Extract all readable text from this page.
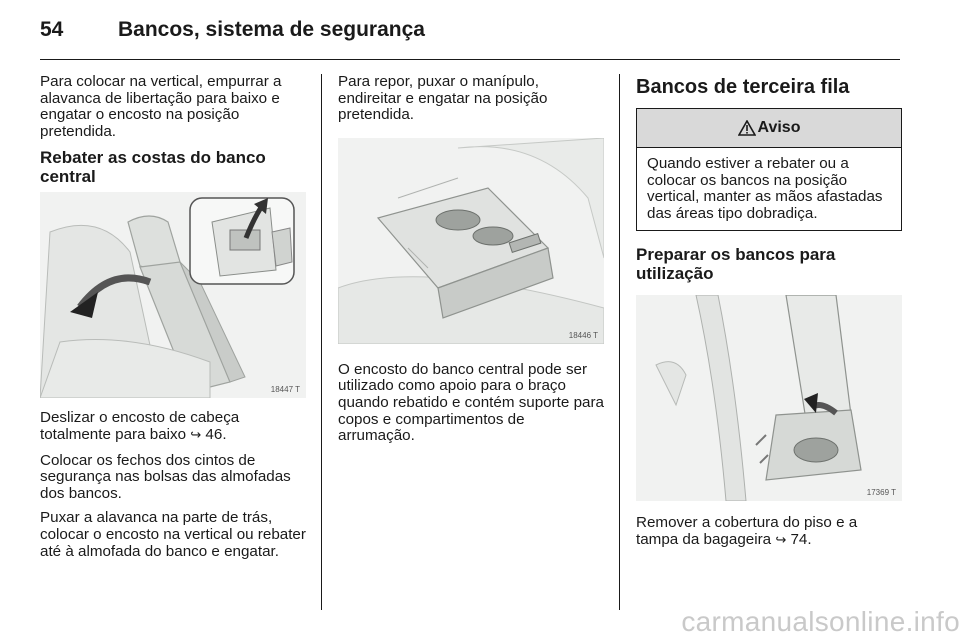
54	Bancos, sistema de segurança

Para colocar na vertical, empurrar a alavanca de libertação para baixo e engatar o encosto na posição pretendida.

Rebater as costas do banco central
18447 T

Deslizar o encosto de cabeça totalmente para baixo ↪ 46.

Colocar os fechos dos cintos de segurança nas bolsas das almofadas dos bancos.

Puxar a alavanca na parte de trás, colocar o encosto na vertical ou rebater até à almofada do banco e engatar.

Para repor, puxar o manípulo, endireitar e engatar na posição pretendida.

18446 T

O encosto do banco central pode ser utilizado como apoio para o braço quando rebatido e contém suporte para copos e compartimentos de arrumação.

Bancos de terceira fila
Aviso

Quando estiver a rebater ou a colocar os bancos na posição vertical, manter as mãos afastadas das áreas tipo dobradiça.

Preparar os bancos para utilização
17369 T

Remover a cobertura do piso e a tampa da bagageira ↪ 74.

carmanualsonline.info
